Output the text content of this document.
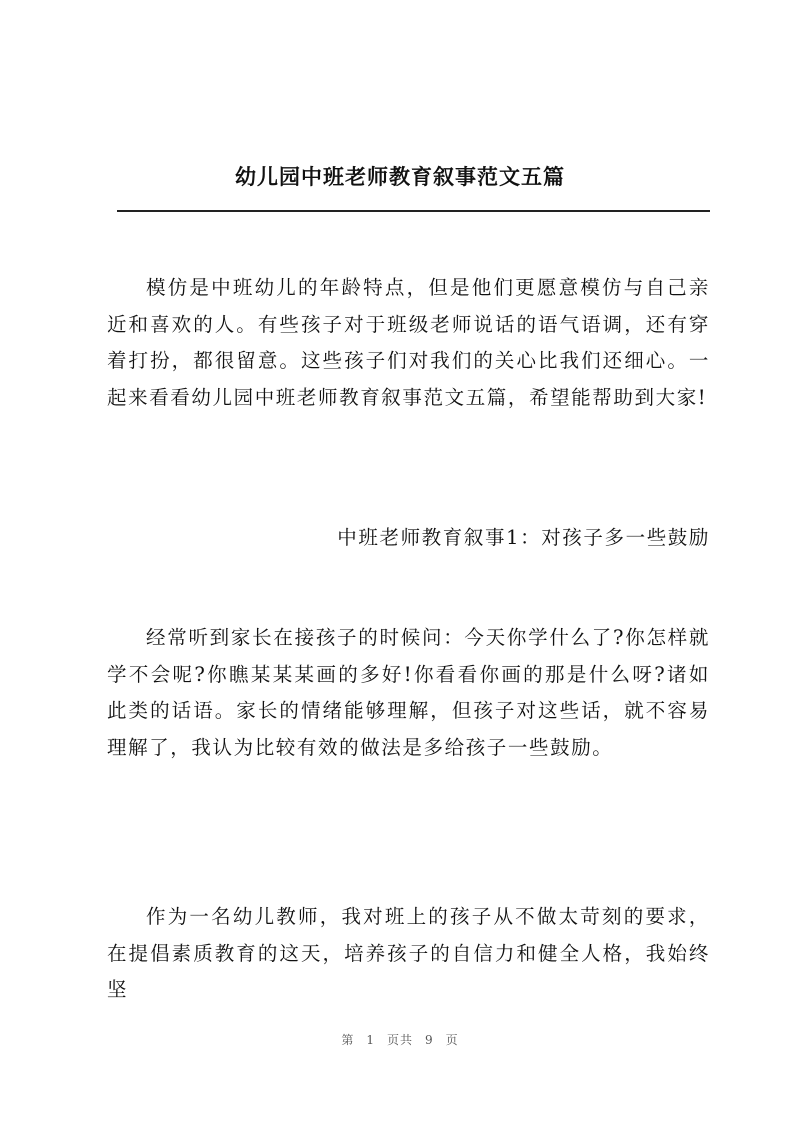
幼儿园中班老师教育叙事范文五篇

模仿是中班幼儿的年龄特点，但是他们更愿意模仿与自己亲近和喜欢的人。有些孩子对于班级老师说话的语气语调，还有穿着打扮，都很留意。这些孩子们对我们的关心比我们还细心。一起来看看幼儿园中班老师教育叙事范文五篇，希望能帮助到大家!

中班老师教育叙事1：对孩子多一些鼓励

经常听到家长在接孩子的时候问：今天你学什么了?你怎样就学不会呢?你瞧某某某画的多好!你看看你画的那是什么呀?诸如此类的话语。家长的情绪能够理解，但孩子对这些话，就不容易理解了，我认为比较有效的做法是多给孩子一些鼓励。

作为一名幼儿教师，我对班上的孩子从不做太苛刻的要求，在提倡素质教育的这天，培养孩子的自信力和健全人格，我始终坚

第 1 页共 9 页
